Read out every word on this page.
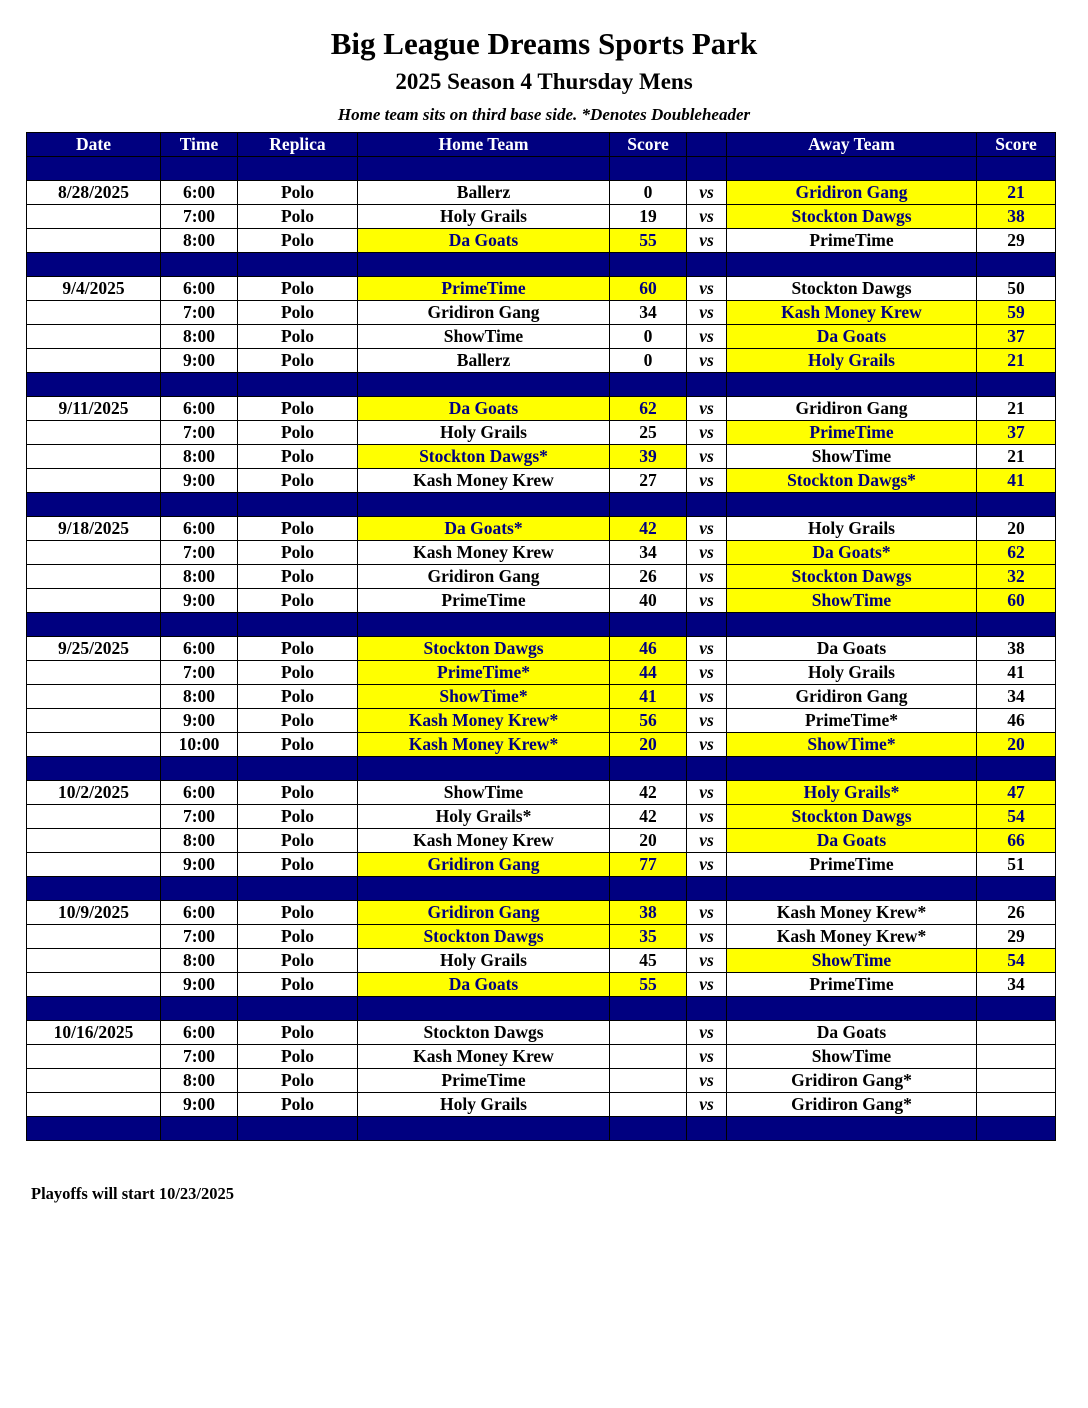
Big League Dreams Sports Park
2025 Season 4 Thursday Mens
Home team sits on third base side. *Denotes Doubleheader
Date	Time	Replica	Home Team	Score		Away Team	Score

8/28/2025	6:00	Polo	Ballerz	0	vs	Gridiron Gang	21
	7:00	Polo	Holy Grails	19	vs	Stockton Dawgs	38
	8:00	Polo	Da Goats	55	vs	PrimeTime	29

9/4/2025	6:00	Polo	PrimeTime	60	vs	Stockton Dawgs	50
	7:00	Polo	Gridiron Gang	34	vs	Kash Money Krew	59
	8:00	Polo	ShowTime	0	vs	Da Goats	37
	9:00	Polo	Ballerz	0	vs	Holy Grails	21

9/11/2025	6:00	Polo	Da Goats	62	vs	Gridiron Gang	21
	7:00	Polo	Holy Grails	25	vs	PrimeTime	37
	8:00	Polo	Stockton Dawgs*	39	vs	ShowTime	21
	9:00	Polo	Kash Money Krew	27	vs	Stockton Dawgs*	41

9/18/2025	6:00	Polo	Da Goats*	42	vs	Holy Grails	20
	7:00	Polo	Kash Money Krew	34	vs	Da Goats*	62
	8:00	Polo	Gridiron Gang	26	vs	Stockton Dawgs	32
	9:00	Polo	PrimeTime	40	vs	ShowTime	60

9/25/2025	6:00	Polo	Stockton Dawgs	46	vs	Da Goats	38
	7:00	Polo	PrimeTime*	44	vs	Holy Grails	41
	8:00	Polo	ShowTime*	41	vs	Gridiron Gang	34
	9:00	Polo	Kash Money Krew*	56	vs	PrimeTime*	46
	10:00	Polo	Kash Money Krew*	20	vs	ShowTime*	20

10/2/2025	6:00	Polo	ShowTime	42	vs	Holy Grails*	47
	7:00	Polo	Holy Grails*	42	vs	Stockton Dawgs	54
	8:00	Polo	Kash Money Krew	20	vs	Da Goats	66
	9:00	Polo	Gridiron Gang	77	vs	PrimeTime	51

10/9/2025	6:00	Polo	Gridiron Gang	38	vs	Kash Money Krew*	26
	7:00	Polo	Stockton Dawgs	35	vs	Kash Money Krew*	29
	8:00	Polo	Holy Grails	45	vs	ShowTime	54
	9:00	Polo	Da Goats	55	vs	PrimeTime	34

10/16/2025	6:00	Polo	Stockton Dawgs		vs	Da Goats	
	7:00	Polo	Kash Money Krew		vs	ShowTime	
	8:00	Polo	PrimeTime		vs	Gridiron Gang*	
	9:00	Polo	Holy Grails		vs	Gridiron Gang*	

Playoffs will start 10/23/2025
